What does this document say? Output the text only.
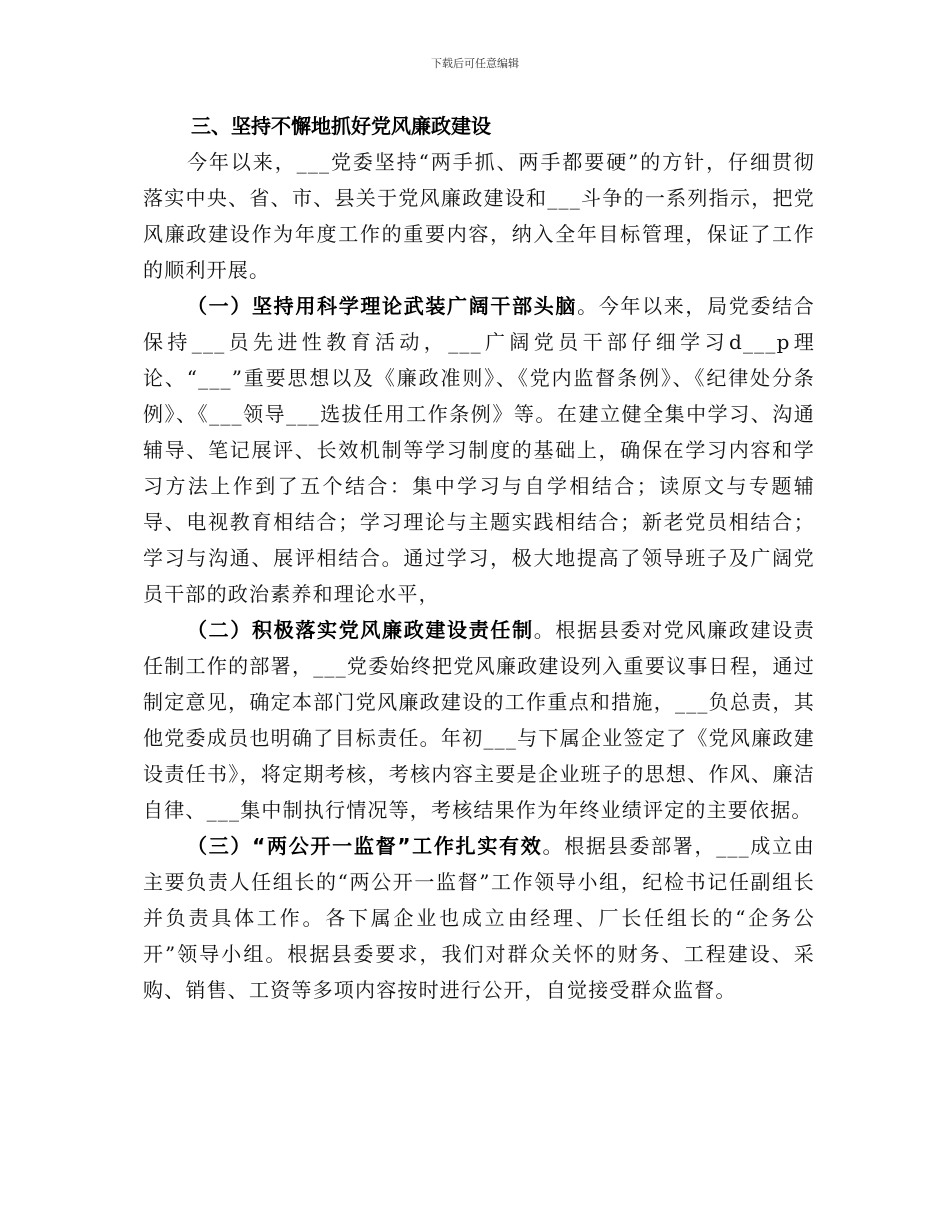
下载后可任意编辑
三、坚持不懈地抓好党风廉政建设

今年以来，___党委坚持“两手抓、两手都要硬”的方针，仔细贯彻落实中央、省、市、县关于党风廉政建设和___斗争的一系列指示，把党风廉政建设作为年度工作的重要内容，纳入全年目标管理，保证了工作的顺利开展。

（一）坚持用科学理论武装广阔干部头脑。今年以来，局党委结合保持___员先进性教育活动，___广阔党员干部仔细学习d___p理论、“___”重要思想以及《廉政准则》、《党内监督条例》、《纪律处分条例》、《___领导___选拔任用工作条例》等。在建立健全集中学习、沟通辅导、笔记展评、长效机制等学习制度的基础上，确保在学习内容和学习方法上作到了五个结合：集中学习与自学相结合；读原文与专题辅导、电视教育相结合；学习理论与主题实践相结合；新老党员相结合；学习与沟通、展评相结合。通过学习，极大地提高了领导班子及广阔党员干部的政治素养和理论水平，

（二）积极落实党风廉政建设责任制。根据县委对党风廉政建设责任制工作的部署，___党委始终把党风廉政建设列入重要议事日程，通过制定意见，确定本部门党风廉政建设的工作重点和措施，___负总责，其他党委成员也明确了目标责任。年初___与下属企业签定了《党风廉政建设责任书》，将定期考核，考核内容主要是企业班子的思想、作风、廉洁自律、___集中制执行情况等，考核结果作为年终业绩评定的主要依据。

（三）“两公开一监督”工作扎实有效。根据县委部署，___成立由主要负责人任组长的“两公开一监督”工作领导小组，纪检书记任副组长并负责具体工作。各下属企业也成立由经理、厂长任组长的“企务公开”领导小组。根据县委要求，我们对群众关怀的财务、工程建设、采购、销售、工资等多项内容按时进行公开，自觉接受群众监督。
